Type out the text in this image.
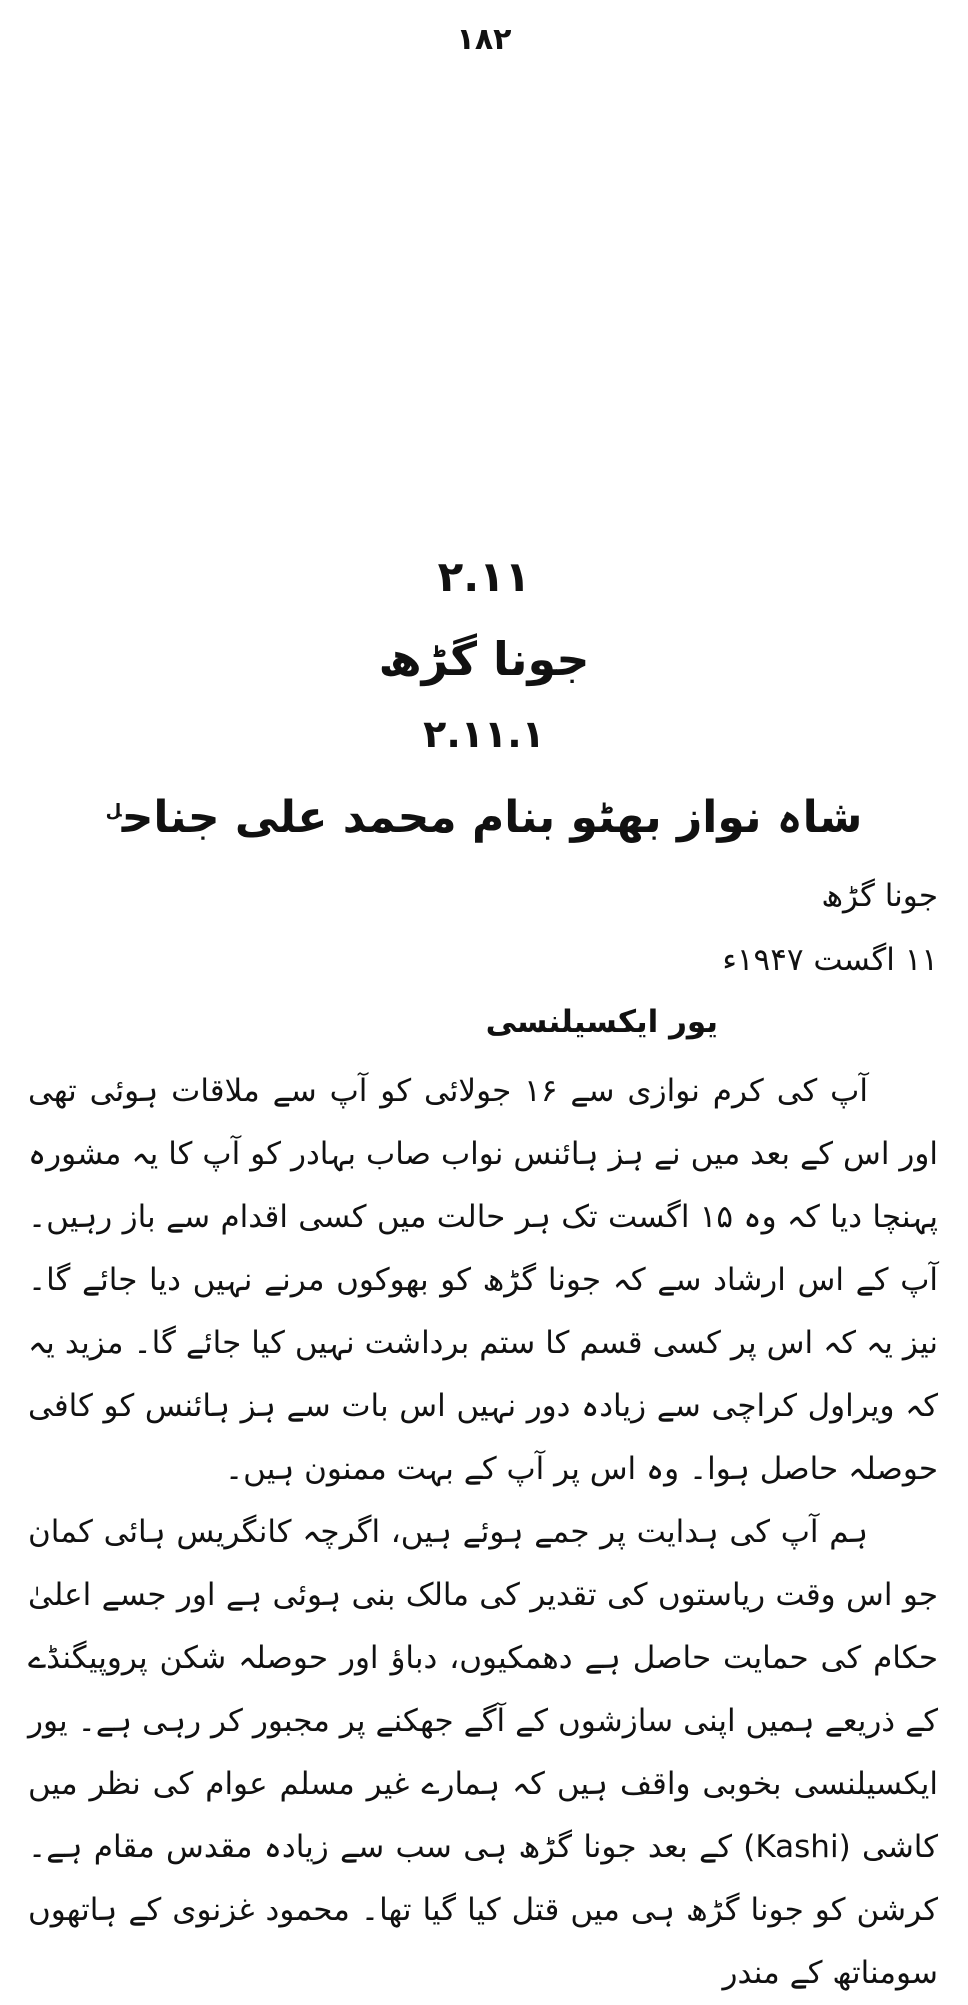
۱۸۲
۲.۱۱
جونا گڑھ
۲.۱۱.۱
شاہ نواز بھٹو بنام محمد علی جناح$^ل$
جونا گڑھ
۱۱ اگست ۱۹۴۷ء
یور ایکسیلنسی

آپ کی کرم نوازی سے ۱۶ جولائی کو آپ سے ملاقات ہوئی تھی اور اس کے بعد میں نے ہز ہائنس نواب صاب بہادر کو آپ کا یہ مشورہ پہنچا دیا کہ وہ ۱۵ اگست تک ہر حالت میں کسی اقدام سے باز رہیں۔ آپ کے اس ارشاد سے کہ جونا گڑھ کو بھوکوں مرنے نہیں دیا جائے گا۔ نیز یہ کہ اس پر کسی قسم کا ستم برداشت نہیں کیا جائے گا۔ مزید یہ کہ ویراول کراچی سے زیادہ دور نہیں اس بات سے ہز ہائنس کو کافی حوصلہ حاصل ہوا۔ وہ اس پر آپ کے بہت ممنون ہیں۔

ہم آپ کی ہدایت پر جمے ہوئے ہیں، اگرچہ کانگریس ہائی کمان جو اس وقت ریاستوں کی تقدیر کی مالک بنی ہوئی ہے اور جسے اعلیٰ حکام کی حمایت حاصل ہے دھمکیوں، دباؤ اور حوصلہ شکن پروپیگنڈے کے ذریعے ہمیں اپنی سازشوں کے آگے جھکنے پر مجبور کر رہی ہے۔ یور ایکسیلنسی بخوبی واقف ہیں کہ ہمارے غیر مسلم عوام کی نظر میں کاشی (Kashi) کے بعد جونا گڑھ ہی سب سے زیادہ مقدس مقام ہے۔ کرشن کو جونا گڑھ ہی میں قتل کیا گیا تھا۔ محمود غزنوی کے ہاتھوں سومناتھ کے مندر
